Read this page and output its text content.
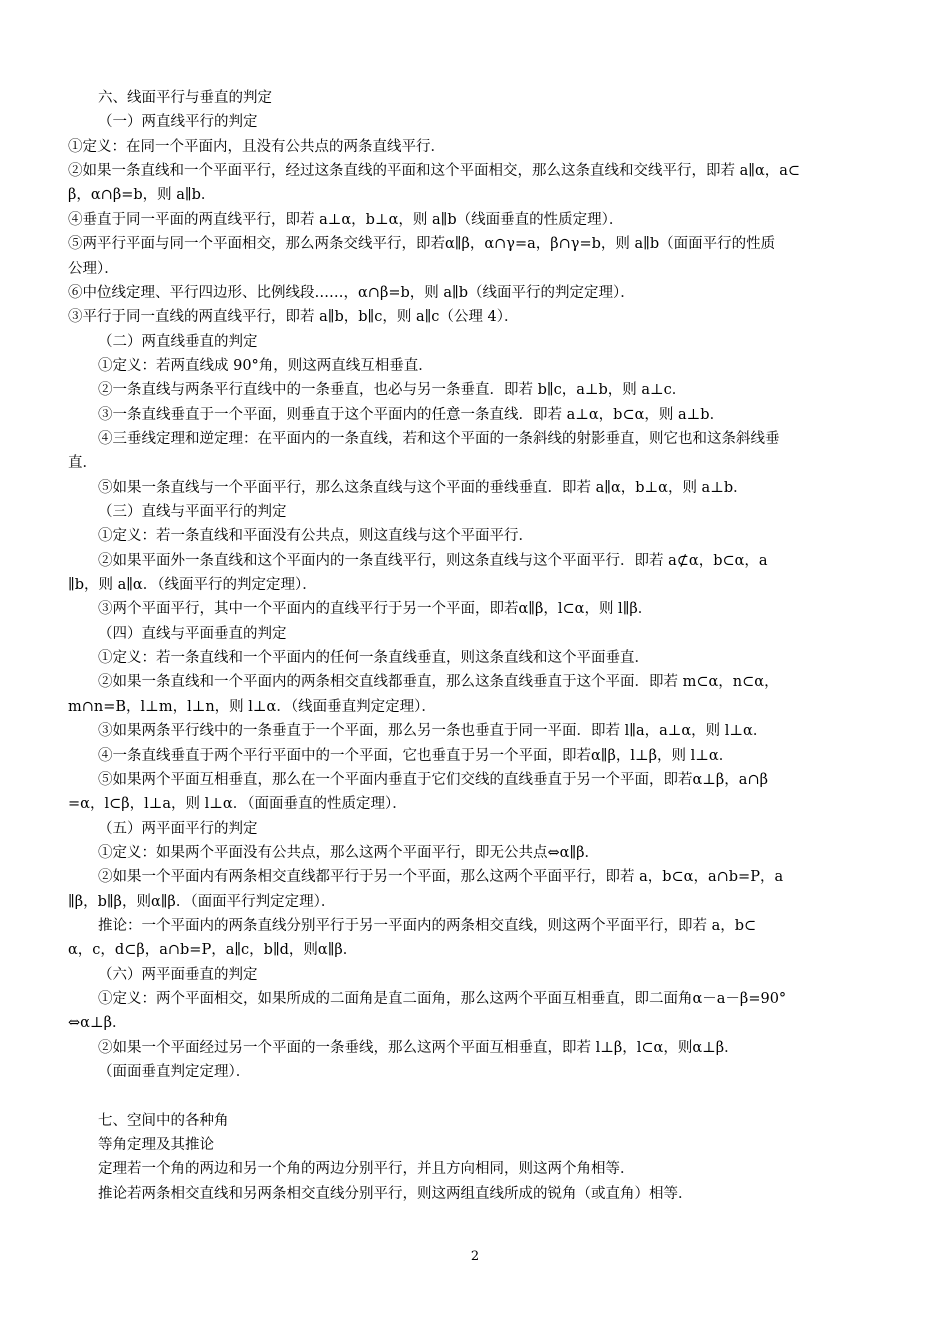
六、线面平行与垂直的判定
（一）两直线平行的判定
①定义：在同一个平面内，且没有公共点的两条直线平行．
②如果一条直线和一个平面平行，经过这条直线的平面和这个平面相交，那么这条直线和交线平行，即若 a∥α，a⊂
β，α∩β=b，则 a∥b．
④垂直于同一平面的两直线平行，即若 a⊥α，b⊥α，则 a∥b（线面垂直的性质定理）．
⑤两平行平面与同一个平面相交，那么两条交线平行，即若α∥β，α∩γ=a，β∩γ=b，则 a∥b（面面平行的性质
公理）．
⑥中位线定理、平行四边形、比例线段……，α∩β=b，则 a∥b（线面平行的判定定理）．
③平行于同一直线的两直线平行，即若 a∥b，b∥c，则 a∥c（公理 4）．
（二）两直线垂直的判定
①定义：若两直线成 90°角，则这两直线互相垂直．
②一条直线与两条平行直线中的一条垂直，也必与另一条垂直．即若 b∥c，a⊥b，则 a⊥c．
③一条直线垂直于一个平面，则垂直于这个平面内的任意一条直线．即若 a⊥α，b⊂α，则 a⊥b．
④三垂线定理和逆定理：在平面内的一条直线，若和这个平面的一条斜线的射影垂直，则它也和这条斜线垂
直．
⑤如果一条直线与一个平面平行，那么这条直线与这个平面的垂线垂直．即若 a∥α，b⊥α，则 a⊥b．
（三）直线与平面平行的判定
①定义：若一条直线和平面没有公共点，则这直线与这个平面平行．
②如果平面外一条直线和这个平面内的一条直线平行，则这条直线与这个平面平行．即若 a⊄α，b⊂α，a
∥b，则 a∥α．（线面平行的判定定理）．
③两个平面平行，其中一个平面内的直线平行于另一个平面，即若α∥β，l⊂α，则 l∥β．
（四）直线与平面垂直的判定
①定义：若一条直线和一个平面内的任何一条直线垂直，则这条直线和这个平面垂直．
②如果一条直线和一个平面内的两条相交直线都垂直，那么这条直线垂直于这个平面．即若 m⊂α，n⊂α，
m∩n=B，l⊥m，l⊥n，则 l⊥α．（线面垂直判定定理）．
③如果两条平行线中的一条垂直于一个平面，那么另一条也垂直于同一平面．即若 l∥a，a⊥α，则 l⊥α．
④一条直线垂直于两个平行平面中的一个平面，它也垂直于另一个平面，即若α∥β，l⊥β，则 l⊥α．
⑤如果两个平面互相垂直，那么在一个平面内垂直于它们交线的直线垂直于另一个平面，即若α⊥β，a∩β
=α，l⊂β，l⊥a，则 l⊥α．（面面垂直的性质定理）．
（五）两平面平行的判定
①定义：如果两个平面没有公共点，那么这两个平面平行，即无公共点⇔α∥β．
②如果一个平面内有两条相交直线都平行于另一个平面，那么这两个平面平行，即若 a，b⊂α，a∩b=P，a
∥β，b∥β，则α∥β．（面面平行判定定理）．
推论：一个平面内的两条直线分别平行于另一平面内的两条相交直线，则这两个平面平行，即若 a，b⊂
α，c，d⊂β，a∩b=P，a∥c，b∥d，则α∥β．
（六）两平面垂直的判定
①定义：两个平面相交，如果所成的二面角是直二面角，那么这两个平面互相垂直，即二面角α－a－β=90°
⇔α⊥β．
②如果一个平面经过另一个平面的一条垂线，那么这两个平面互相垂直，即若 l⊥β，l⊂α，则α⊥β．
（面面垂直判定定理）．
七、空间中的各种角
等角定理及其推论
定理若一个角的两边和另一个角的两边分别平行，并且方向相同，则这两个角相等．
推论若两条相交直线和另两条相交直线分别平行，则这两组直线所成的锐角（或直角）相等．
2
